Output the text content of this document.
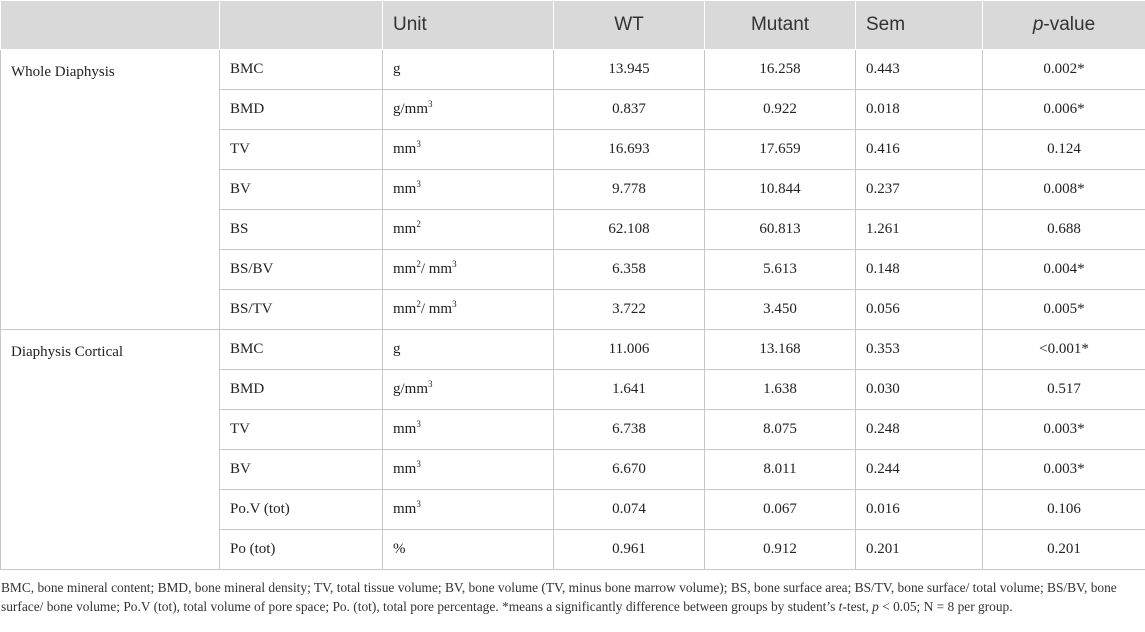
		Unit	WT	Mutant	Sem	p-value
Whole Diaphysis	BMC	g	13.945	16.258	0.443	0.002*
	BMD	$g/mm^3$	0.837	0.922	0.018	0.006*
	TV	$mm^3$	16.693	17.659	0.416	0.124
	BV	$mm^3$	9.778	10.844	0.237	0.008*
	BS	$mm^2$	62.108	60.813	1.261	0.688
	BS/BV	$mm^2/$ $mm^3$	6.358	5.613	0.148	0.004*
	BS/TV	$mm^2/$ $mm^3$	3.722	3.450	0.056	0.005*
Diaphysis Cortical	BMC	g	11.006	13.168	0.353	<0.001*
	BMD	$g/mm^3$	1.641	1.638	0.030	0.517
	TV	$mm^3$	6.738	8.075	0.248	0.003*
	BV	$mm^3$	6.670	8.011	0.244	0.003*
	Po.V (tot)	$mm^3$	0.074	0.067	0.016	0.106
	Po (tot)	%	0.961	0.912	0.201	0.201
BMC, bone mineral content; BMD, bone mineral density; TV, total tissue volume; BV, bone volume (TV, minus bone marrow volume); BS, bone surface area; BS/TV, bone surface/ total volume; BS/BV, bone surface/ bone volume; Po.V (tot), total volume of pore space; Po. (tot), total pore percentage. *means a significantly difference between groups by student’s t-test, p < 0.05; N = 8 per group.
